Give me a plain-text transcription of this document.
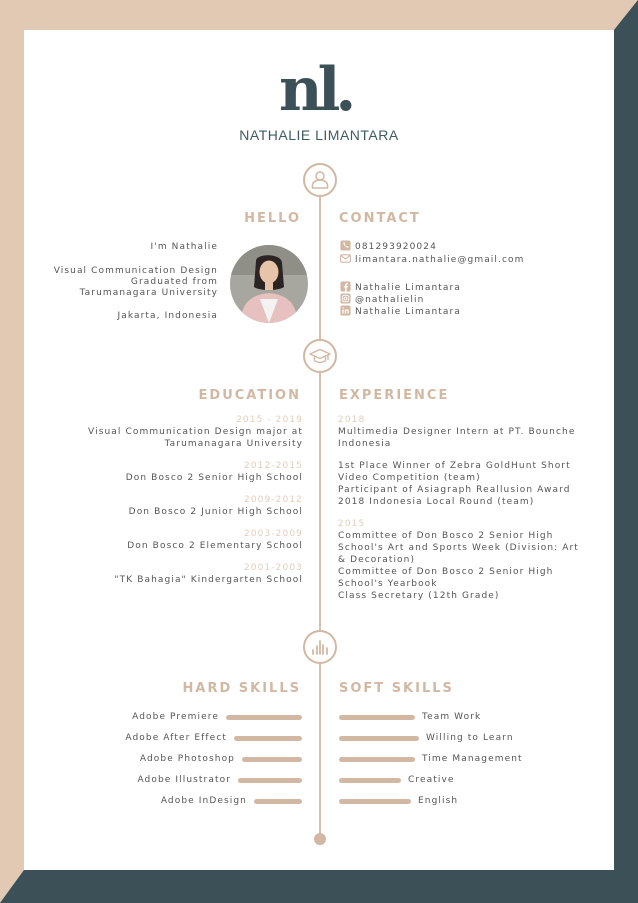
nl.
NATHALIE LIMANTARA
HELLO	CONTACT
I'm Nathalie
Visual Communication Design
Graduated from
Tarumanagara University
Jakarta, Indonesia
081293920024
limantara.nathalie@gmail.com
Nathalie Limantara
@nathalielin
Nathalie Limantara
EDUCATION	EXPERIENCE
2015 - 2019
Visual Communication Design major at
Tarumanagara University
2012-2015
Don Bosco 2 Senior High School
2009-2012
Don Bosco 2 Junior High School
2003-2009
Don Bosco 2 Elementary School
2001-2003
"TK Bahagia" Kindergarten School
2018
Multimedia Designer Intern at PT. Bounche
Indonesia
1st Place Winner of Zebra GoldHunt Short
Video Competition (team)
Participant of Asiagraph Reallusion Award
2018 Indonesia Local Round (team)
2015
Committee of Don Bosco 2 Senior High
School's Art and Sports Week (Division: Art
& Decoration)
Committee of Don Bosco 2 Senior High
School's Yearbook
Class Secretary (12th Grade)
HARD SKILLS	SOFT SKILLS
Adobe Premiere
Adobe After Effect
Adobe Photoshop
Adobe Illustrator
Adobe InDesign
Team Work
Willing to Learn
Time Management
Creative
English
